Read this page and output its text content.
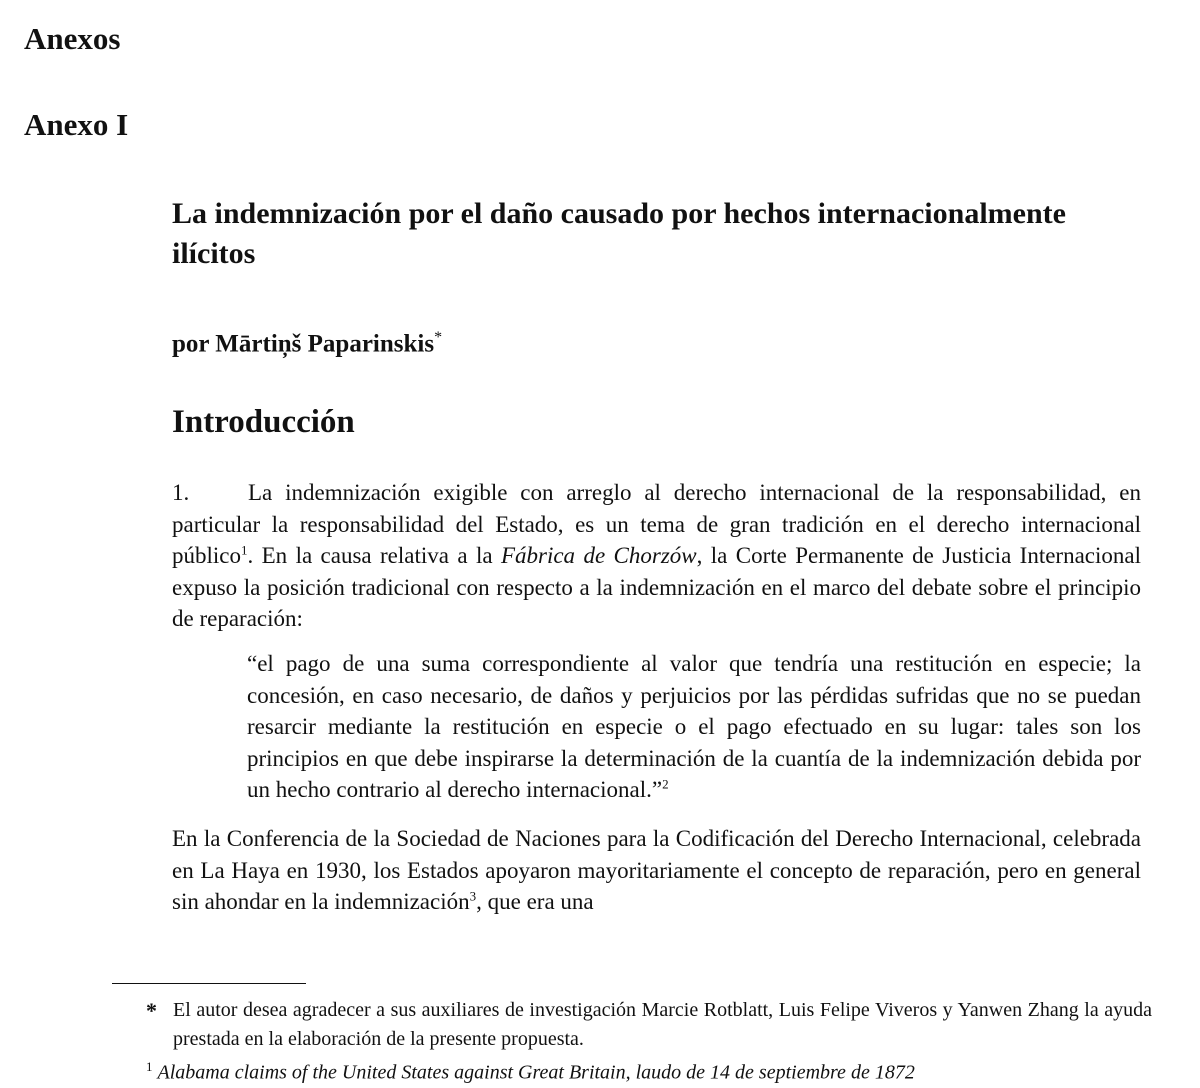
Anexos
Anexo I
La indemnización por el daño causado por hechos internacionalmente ilícitos

por Mārtiņš Paparinskis*

Introducción

1.	La indemnización exigible con arreglo al derecho internacional de la responsabilidad, en particular la responsabilidad del Estado, es un tema de gran tradición en el derecho internacional público$^1$. En la causa relativa a la Fábrica de Chorzów, la Corte Permanente de Justicia Internacional expuso la posición tradicional con respecto a la indemnización en el marco del debate sobre el principio de reparación:

“el pago de una suma correspondiente al valor que tendría una restitución en especie; la concesión, en caso necesario, de daños y perjuicios por las pérdidas sufridas que no se puedan resarcir mediante la restitución en especie o el pago efectuado en su lugar: tales son los principios en que debe inspirarse la determinación de la cuantía de la indemnización debida por un hecho contrario al derecho internacional.”$^2$

En la Conferencia de la Sociedad de Naciones para la Codificación del Derecho Internacional, celebrada en La Haya en 1930, los Estados apoyaron mayoritariamente el concepto de reparación, pero en general sin ahondar en la indemnización$^3$, que era una

* El autor desea agradecer a sus auxiliares de investigación Marcie Rotblatt, Luis Felipe Viveros y Yanwen Zhang la ayuda prestada en la elaboración de la presente propuesta.

$^1$ Alabama claims of the United States against Great Britain, laudo de 14 de septiembre de 1872
